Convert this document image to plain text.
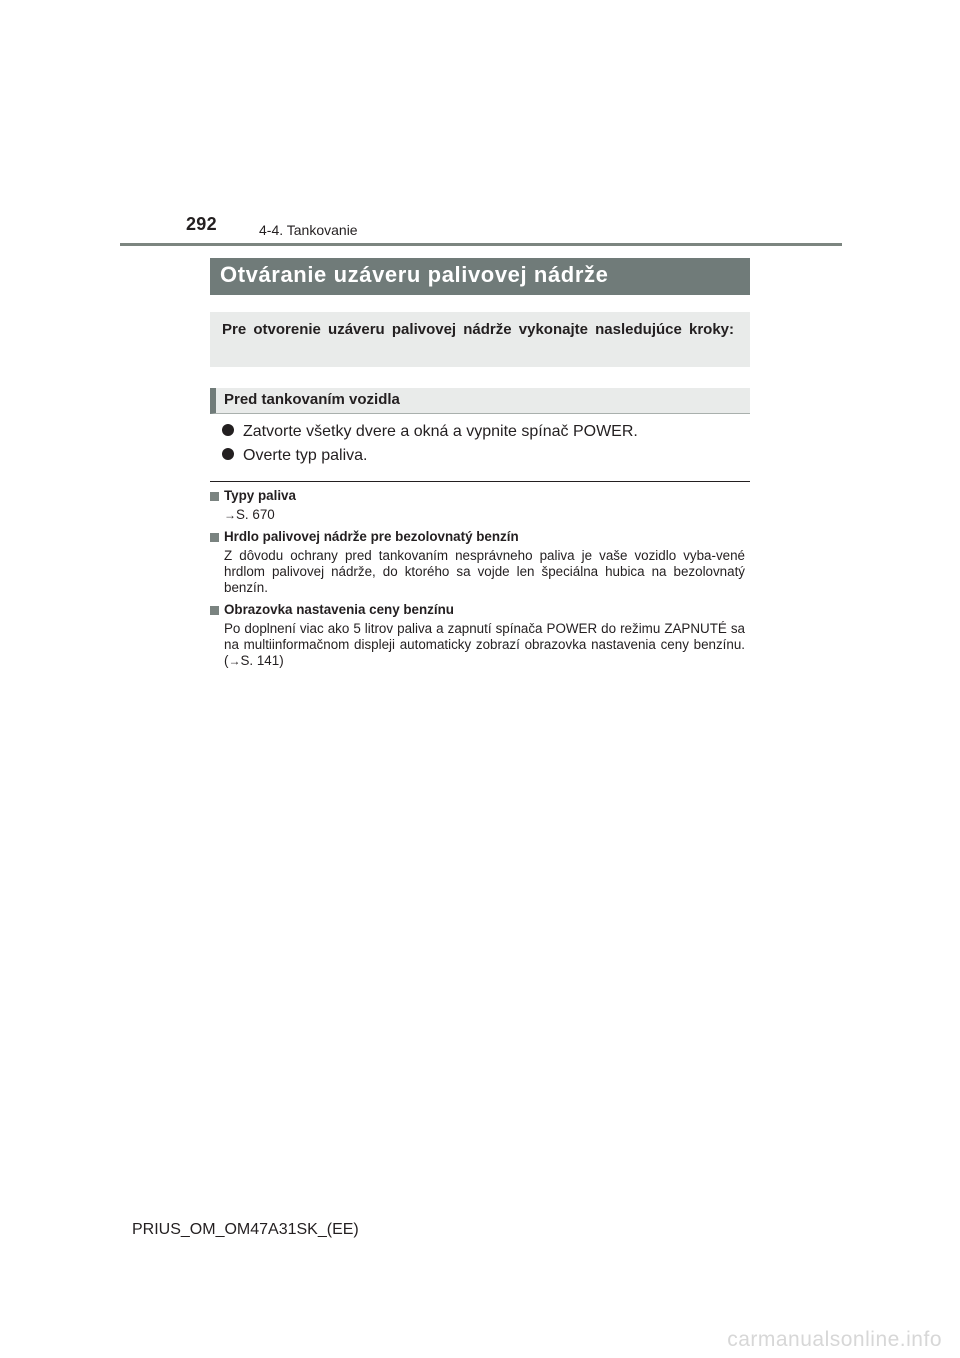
292	4-4. Tankovanie
Otváranie uzáveru palivovej nádrže
Pre otvorenie uzáveru palivovej nádrže vykonajte nasledujúce kroky:
Pred tankovaním vozidla
Zatvorte všetky dvere a okná a vypnite spínač POWER.
Overte typ paliva.
Typy paliva
→S. 670
Hrdlo palivovej nádrže pre bezolovnatý benzín
Z dôvodu ochrany pred tankovaním nesprávneho paliva je vaše vozidlo vyba-vené hrdlom palivovej nádrže, do ktorého sa vojde len špeciálna hubica na bezolovnatý benzín.
Obrazovka nastavenia ceny benzínu
Po doplnení viac ako 5 litrov paliva a zapnutí spínača POWER do režimu ZAPNUTÉ sa na multiinformačnom displeji automaticky zobrazí obrazovka nastavenia ceny benzínu. (→S. 141)
PRIUS_OM_OM47A31SK_(EE)
carmanualsonline.info
